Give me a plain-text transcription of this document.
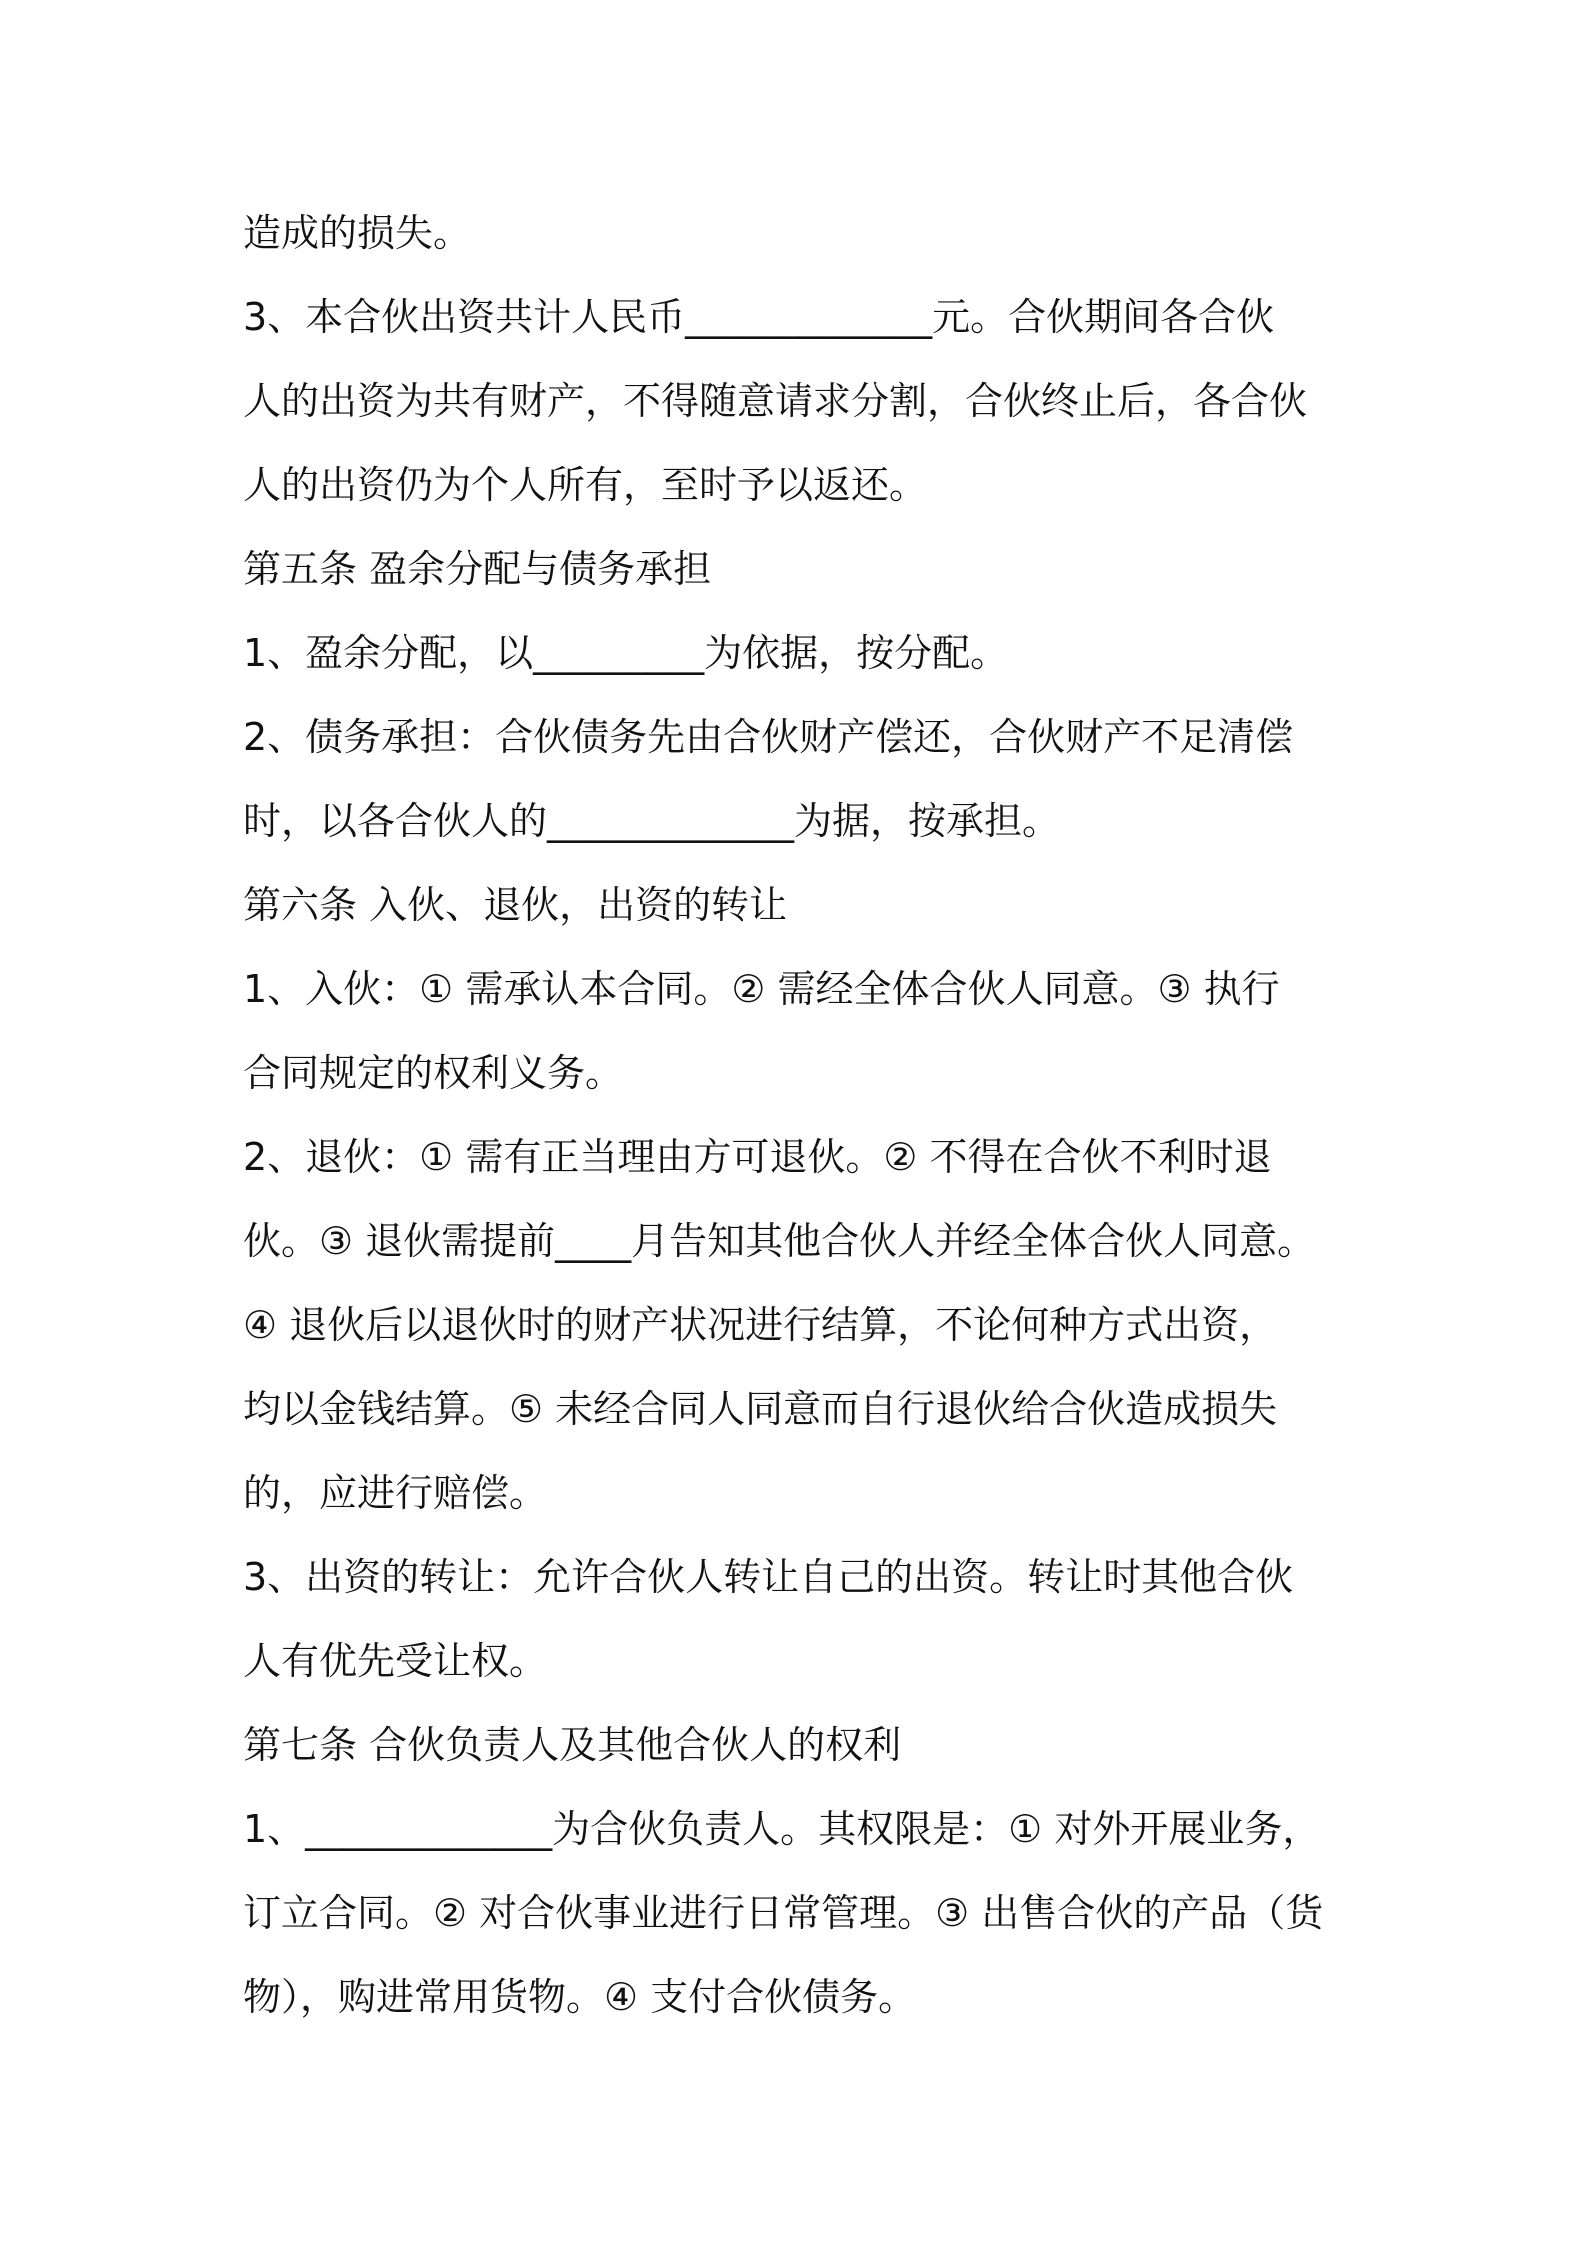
造成的损失。
3、本合伙出资共计人民币_____________元。合伙期间各合伙
人的出资为共有财产，不得随意请求分割，合伙终止后，各合伙
人的出资仍为个人所有，至时予以返还。
第五条 盈余分配与债务承担
1、盈余分配，以_________为依据，按分配。
2、债务承担：合伙债务先由合伙财产偿还，合伙财产不足清偿
时，以各合伙人的_____________为据，按承担。
第六条 入伙、退伙，出资的转让
1、入伙：① 需承认本合同。② 需经全体合伙人同意。③ 执行
合同规定的权利义务。
2、退伙：① 需有正当理由方可退伙。② 不得在合伙不利时退
伙。③ 退伙需提前____月告知其他合伙人并经全体合伙人同意。
④ 退伙后以退伙时的财产状况进行结算，不论何种方式出资，
均以金钱结算。⑤ 未经合同人同意而自行退伙给合伙造成损失
的，应进行赔偿。
3、出资的转让：允许合伙人转让自己的出资。转让时其他合伙
人有优先受让权。
第七条 合伙负责人及其他合伙人的权利
1、_____________为合伙负责人。其权限是：① 对外开展业务，
订立合同。② 对合伙事业进行日常管理。③ 出售合伙的产品（货
物），购进常用货物。④ 支付合伙债务。
